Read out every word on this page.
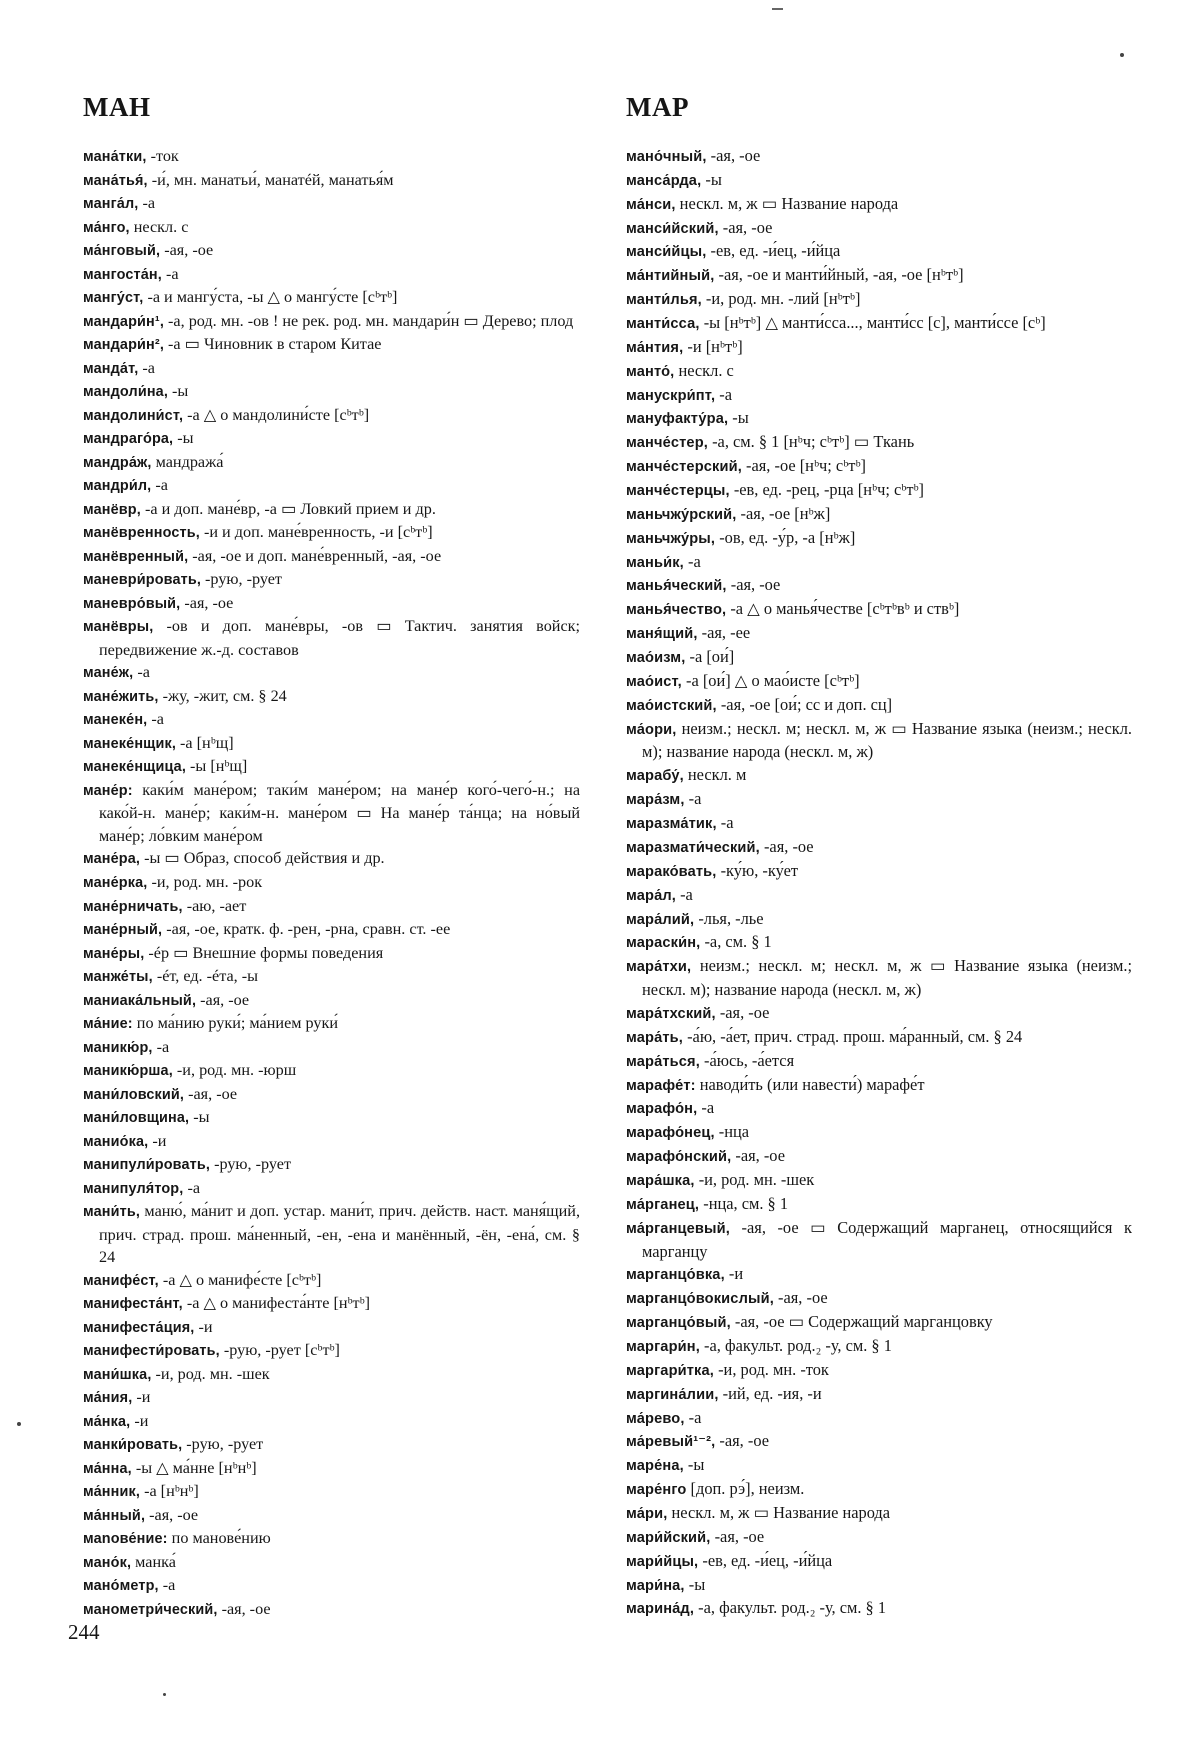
МАН	МАР

мана́тки, -ток

мана́тья́, -и́, мн. манатьи́, манатéй, манатья́м

манга́л, -а

ма́нго, нескл. с

ма́нговый, -ая, -ое

мангоста́н, -а

мангу́ст, -а и мангу́ста, -ы △ о мангу́сте [сᵇтᵇ]

мандари́н¹, -а, род. мн. -ов ! не рек. род. мн. мандари́н ▭ Дерево; плод

мандари́н², -а ▭ Чиновник в старом Китае

манда́т, -а

мандоли́на, -ы

мандолини́ст, -а △ о мандолини́сте [сᵇтᵇ]

мандраго́ра, -ы

мандра́ж, мандража́

мандри́л, -а

манёвр, -а и доп. мане́вр, -а ▭ Ловкий прием и др.

манёвренность, -и и доп. мане́вренность, -и [сᵇтᵇ]

манёвренный, -ая, -ое и доп. мане́вренный, -ая, -ое

маневри́ровать, -рую, -рует

маневро́вый, -ая, -ое

манёвры, -ов и доп. мане́вры, -ов ▭ Тактич. занятия войск; передвижение ж.-д. составов

мане́ж, -а

мане́жить, -жу, -жит, см. § 24

манеке́н, -а

манеке́нщик, -а [нᵇщ]

манеке́нщица, -ы [нᵇщ]

мане́р: каки́м мане́ром; таки́м мане́ром; на мане́р кого́-чего́-н.; на како́й-н. мане́р; каки́м-н. мане́ром ▭ На мане́р та́нца; на но́вый мане́р; ло́вким мане́ром

мане́ра, -ы ▭ Образ, способ действия и др.

мане́рка, -и, род. мн. -рок

мане́рничать, -аю, -ает

мане́рный, -ая, -ое, кратк. ф. -рен, -рна, сравн. ст. -ее

мане́ры, -éр ▭ Внешние формы поведения

манже́ты, -éт, ед. -éта, -ы

маниака́льный, -ая, -ое

ма́ние: по ма́нию руки́; ма́нием руки́

маникю́р, -а

маникю́рша, -и, род. мн. -юрш

мани́ловский, -ая, -ое

мани́ловщина, -ы

манио́ка, -и

манипули́ровать, -рую, -рует

манипуля́тор, -а

мани́ть, маню́, ма́нит и доп. устар. мани́т, прич. действ. наст. маня́щий, прич. страд. прош. ма́ненный, -ен, -ена и манённый, -ён, -ена́, см. § 24

манифе́ст, -а △ о манифе́сте [сᵇтᵇ]

манифеста́нт, -а △ о манифеста́нте [нᵇтᵇ]

манифеста́ция, -и

манифести́ровать, -рую, -рует [сᵇтᵇ]

мани́шка, -и, род. мн. -шек

ма́ния, -и

ма́нка, -и

манки́ровать, -рую, -рует

ма́нна, -ы △ ма́нне [нᵇнᵇ]

ма́нник, -а [нᵇнᵇ]

ма́нный, -ая, -ое

маnове́ние: по манове́нию

мано́к, манка́

мано́метр, -а

манометри́ческий, -ая, -ое

мано́чный, -ая, -ое

манса́рда, -ы

ма́нси, нескл. м, ж ▭ Название народа

манси́йский, -ая, -ое

манси́йцы, -ев, ед. -и́ец, -и́йца

ма́нтийный, -ая, -ое и манти́йный, -ая, -ое [нᵇтᵇ]

манти́лья, -и, род. мн. -лий [нᵇтᵇ]

манти́сса, -ы [нᵇтᵇ] △ манти́сса..., манти́сс [с], манти́ссе [сᵇ]

ма́нтия, -и [нᵇтᵇ]

манто́, нескл. с

манускри́пт, -а

мануфакту́ра, -ы

манче́стер, -а, см. § 1 [нᵇч; сᵇтᵇ] ▭ Ткань

манче́стерский, -ая, -ое [нᵇч; сᵇтᵇ]

манче́стерцы, -ев, ед. -рец, -рца [нᵇч; сᵇтᵇ]

маньчжу́рский, -ая, -ое [нᵇж]

маньчжу́ры, -ов, ед. -у́р, -а [нᵇж]

маньи́к, -а

манья́ческий, -ая, -ое

манья́чество, -а △ о манья́честве [сᵇтᵇвᵇ и ствᵇ]

маня́щий, -ая, -ее

мао́изм, -а [ои́]

мао́ист, -а [ои́] △ о мао́исте [сᵇтᵇ]

мао́истский, -ая, -ое [ои́; сс и доп. сц]

ма́ори, неизм.; нескл. м; нескл. м, ж ▭ Название языка (неизм.; нескл. м); название народа (нескл. м, ж)

марабу́, нескл. м

мара́зм, -а

маразма́тик, -а

маразмати́ческий, -ая, -ое

марако́вать, -ку́ю, -ку́ет

мара́л, -а

мара́лий, -лья, -лье

мараски́н, -а, см. § 1

мара́тхи, неизм.; нескл. м; нескл. м, ж ▭ Название языка (неизм.; нескл. м); название народа (нескл. м, ж)

мара́тхский, -ая, -ое

мара́ть, -а́ю, -а́ет, прич. страд. прош. ма́ранный, см. § 24

мара́ться, -а́юсь, -а́ется

марафе́т: наводи́ть (или навести́) марафе́т

марафо́н, -а

марафо́нец, -нца

марафо́нский, -ая, -ое

мара́шка, -и, род. мн. -шек

ма́рганец, -нца, см. § 1

ма́рганцевый, -ая, -ое ▭ Содержащий марганец, относящийся к марганцу

марганцо́вка, -и

марганцо́вокислый, -ая, -ое

марганцо́вый, -ая, -ое ▭ Содержащий марганцовку

маргари́н, -а, факульт. род.₂ -у, см. § 1

маргари́тка, -и, род. мн. -ток

маргина́лии, -ий, ед. -ия, -и

ма́рево, -а

ма́ревый¹⁻², -ая, -ое

маре́на, -ы

маре́нго [доп. рэ́], неизм.

ма́ри, нескл. м, ж ▭ Название народа

мари́йский, -ая, -ое

мари́йцы, -ев, ед. -и́ец, -и́йца

мари́на, -ы

марина́д, -а, факульт. род.₂ -у, см. § 1

244
